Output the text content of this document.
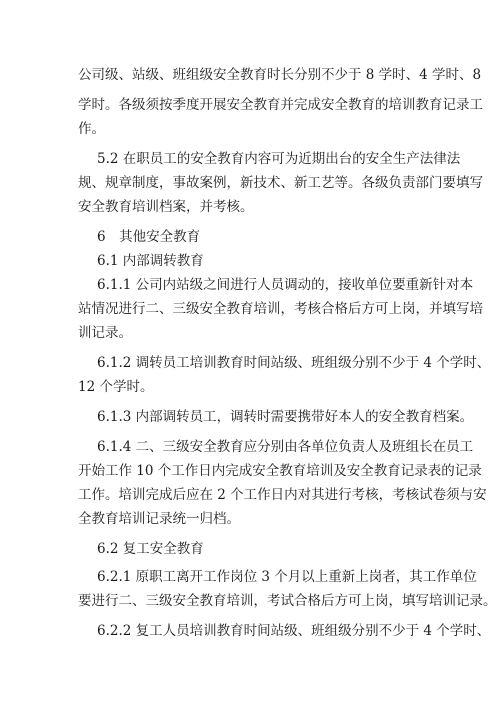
公司级、站级、班组级安全教育时长分别不少于 8 学时、4 学时、8
学时。各级须按季度开展安全教育并完成安全教育的培训教育记录工
作。
5.2 在职员工的安全教育内容可为近期出台的安全生产法律法
规、规章制度，事故案例，新技术、新工艺等。各级负责部门要填写
安全教育培训档案，并考核。
6　其他安全教育
6.1 内部调转教育
6.1.1 公司内站级之间进行人员调动的，接收单位要重新针对本
站情况进行二、三级安全教育培训，考核合格后方可上岗，并填写培
训记录。
6.1.2 调转员工培训教育时间站级、班组级分别不少于 4 个学时、
12 个学时。
6.1.3 内部调转员工，调转时需要携带好本人的安全教育档案。
6.1.4 二、三级安全教育应分别由各单位负责人及班组长在员工
开始工作 10 个工作日内完成安全教育培训及安全教育记录表的记录
工作。培训完成后应在 2 个工作日内对其进行考核，考核试卷须与安
全教育培训记录统一归档。
6.2 复工安全教育
6.2.1 原职工离开工作岗位 3 个月以上重新上岗者，其工作单位
要进行二、三级安全教育培训，考试合格后方可上岗，填写培训记录。
6.2.2 复工人员培训教育时间站级、班组级分别不少于 4 个学时、
